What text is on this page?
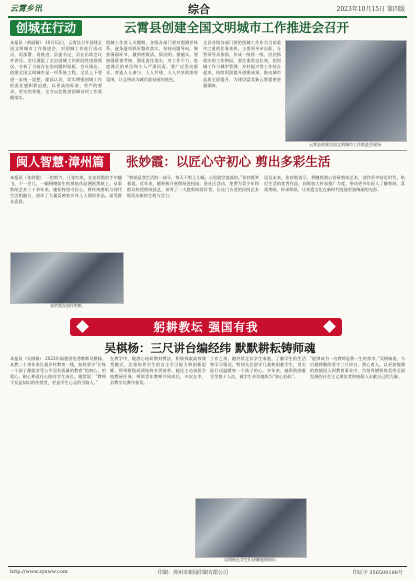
云霄乡讯	综合	2023年10月15日 第四版
创城在行动	云霄县创建全国文明城市工作推进会召开
本报讯（黄丽颖） 10月12日，云霄县召开创建全国文明城市工作推进会，对创城工作进行再动员、再部署、再推进，县委书记、县长出席会议并讲话。会议通报了全县创城工作阶段性进展情况，分析了当前存在的问题和短板。会议指出，创建全国文明城市是一项系统工程，全县上下要进一步统一思想，提高认识，切实增强创城工作的责任感和紧迫感，以更高的标准、更严的要求、更实的举措，全力以赴推进创城各项工作落细落实。
创城工作进入关键期，各级各部门要对照测评体系，逐条逐项抓好整改落实，坚持问题导向，聚焦薄弱环节，做到底数清、情况明、措施实。要加强督查考核，强化责任落实，对工作不力、进度滞后的单位和个人严肃问责。要广泛发动群众，营造人人参与、人人共建、人人共享的浓厚氛围，让文明成为城市最亮丽的底色。
全县各级各部门要把创城工作作为当前重中之重的任务来抓，主要领导亲自抓、分管领导具体抓，形成一级抓一级、层层抓落实的工作格局。要注重常态长效，把创城工作与城市管理、乡村振兴等工作结合起来，持续巩固提升创建成果，推动城市品质全面提升，为建设富美新云霄提供坚强保障。
云霄县创建全国文明城市工作推进会现场
闽人智慧·漳州篇	张妙霞：以匠心守初心 剪出多彩生活
本报讯（张妙霞） 一把剪刀、几张红纸，在张妙霞的手中翻飞，不一会儿，一幅栩栩如生的剪纸作品便跃然纸上。从事剪纸艺术三十余年来，她始终坚守匠心，将传统剪纸与现代生活相融合，创作了大量反映家乡风土人情的作品，深受群众喜爱。
张妙霞在创作剪纸
“剪纸是我生活的一部分，每天不剪上几幅，心里就空落落的。”张妙霞笑着说。近年来，她积极开展剪纸进校园、进社区活动，免费为青少年和群众传授剪纸技艺，培养了一大批剪纸爱好者，让这门古老的民间艺术焕发出新的生机与活力。
谈及未来，张妙霞表示，将继续潜心钻研剪纸艺术，创作更多贴近时代、贴近生活的优秀作品，同时加大传承推广力度，带动更多年轻人了解剪纸、喜爱剪纸、传承剪纸，让非遗文化在新时代绽放更加绚丽的光彩。
躬耕教坛 强国有我
吴棋杨：三尺讲台编经纬 默默耕耘铸师魂
本报讯（吴棋杨） 2023年福建省优秀教师吴棋杨，从教二十余年来扎根乡村教育一线，始终坚守“让每一个孩子都能享受公平而有质量的教育”的初心，用爱心、耐心和责任心陪伴学生成长。她常说：“教师不仅是知识的传授者，更是学生心灵的引路人。”
在教学中，她潜心钻研教材教法，积极探索高效课堂模式，注重培养学生的自主学习能力和创新思维，所带班级成绩始终名列前茅。她还主动承担学校教研任务，带领青年教师共同成长，多次在市、县教学比赛中获奖。
工作之余，她经常走访学生家庭，了解学生的生活和学习情况，特别关注留守儿童和困难学生，用实际行动温暖每一个孩子的心。多年来，她资助困难学生数十人次，被学生亲切地称为“知心妈妈”。
“能够成为一名教师是我一生的荣幸。”吴棋杨说，今后她将继续坚守三尺讲台，潜心育人，以更加饱满的热情投入到教育事业中，为培养德智体美劳全面发展的社会主义建设者和接班人贡献自己的力量。
吴棋杨在学生们讲解地理知识
http://www.zyxww.com	印刷：漳州市新闻印刷有限公司	印证字 356500188号
